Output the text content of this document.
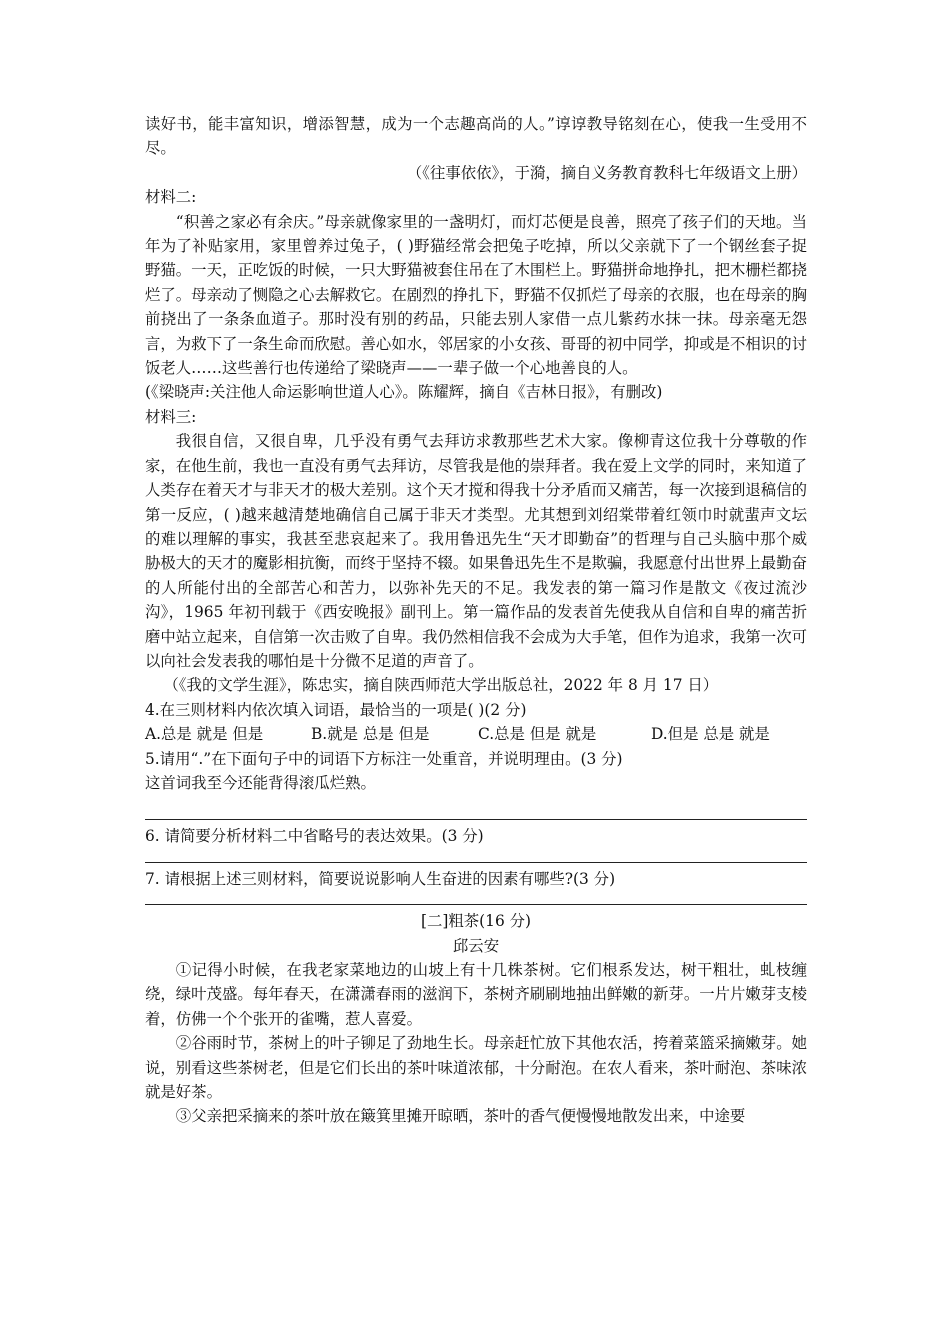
读好书，能丰富知识，增添智慧，成为一个志趣高尚的人。”谆谆教导铭刻在心，使我一生受用不尽。

（《往事依依》，于漪，摘自义务教育教科七年级语文上册）

材料二:

“积善之家必有余庆。”母亲就像家里的一盏明灯，而灯芯便是良善，照亮了孩子们的天地。当年为了补贴家用，家里曾养过兔子，( )野猫经常会把兔子吃掉，所以父亲就下了一个钢丝套子捉野猫。一天，正吃饭的时候，一只大野猫被套住吊在了木围栏上。野猫拼命地挣扎，把木栅栏都挠烂了。母亲动了恻隐之心去解救它。在剧烈的挣扎下，野猫不仅抓烂了母亲的衣服，也在母亲的胸前挠出了一条条血道子。那时没有别的药品，只能去别人家借一点儿紫药水抹一抹。母亲毫无怨言，为救下了一条生命而欣慰。善心如水，邻居家的小女孩、哥哥的初中同学，抑或是不相识的讨饭老人……这些善行也传递给了梁晓声——一辈子做一个心地善良的人。

(《梁晓声:关注他人命运影响世道人心》。陈耀辉，摘自《吉林日报》，有删改)

材料三:

我很自信，又很自卑，几乎没有勇气去拜访求教那些艺术大家。像柳青这位我十分尊敬的作家，在他生前，我也一直没有勇气去拜访，尽管我是他的崇拜者。我在爱上文学的同时，来知道了人类存在着天才与非天才的极大差别。这个天才搅和得我十分矛盾而又痛苦，每一次接到退稿信的第一反应，( )越来越清楚地确信自己属于非天才类型。尤其想到刘绍棠带着红领巾时就蜚声文坛的难以理解的事实，我甚至悲哀起来了。我用鲁迅先生“天才即勤奋”的哲理与自己头脑中那个威胁极大的天才的魔影相抗衡，而终于坚持不辍。如果鲁迅先生不是欺骗，我愿意付出世界上最勤奋的人所能付出的全部苦心和苦力，以弥补先天的不足。我发表的第一篇习作是散文《夜过流沙沟》，1965 年初刊载于《西安晚报》副刊上。第一篇作品的发表首先使我从自信和自卑的痛苦折磨中站立起来，自信第一次击败了自卑。我仍然相信我不会成为大手笔，但作为追求，我第一次可以向社会发表我的哪怕是十分微不足道的声音了。

（《我的文学生涯》，陈忠实，摘自陕西师范大学出版总社，2022 年 8 月 17 日）

4.在三则材料内依次填入词语，最恰当的一项是( )(2 分)

A.总是 就是 但是	B.就是 总是 但是	C.总是 但是 就是	D.但是 总是 就是

5.请用“.”在下面句子中的词语下方标注一处重音，并说明理由。(3 分)

这首词我至今还能背得滚瓜烂熟。

6. 请简要分析材料二中省略号的表达效果。(3 分)

7. 请根据上述三则材料，简要说说影响人生奋进的因素有哪些?(3 分)

[二]粗茶(16 分)

邱云安

①记得小时候，在我老家菜地边的山坡上有十几株茶树。它们根系发达，树干粗壮，虬枝缠绕，绿叶茂盛。每年春天，在潇潇春雨的滋润下，茶树齐刷刷地抽出鲜嫩的新芽。一片片嫩芽支棱着，仿佛一个个张开的雀嘴，惹人喜爱。

②谷雨时节，茶树上的叶子铆足了劲地生长。母亲赶忙放下其他农活，挎着菜篮采摘嫩芽。她说，别看这些茶树老，但是它们长出的茶叶味道浓郁，十分耐泡。在农人看来，茶叶耐泡、茶味浓就是好茶。

③父亲把采摘来的茶叶放在簸箕里摊开晾晒，茶叶的香气便慢慢地散发出来，中途要
